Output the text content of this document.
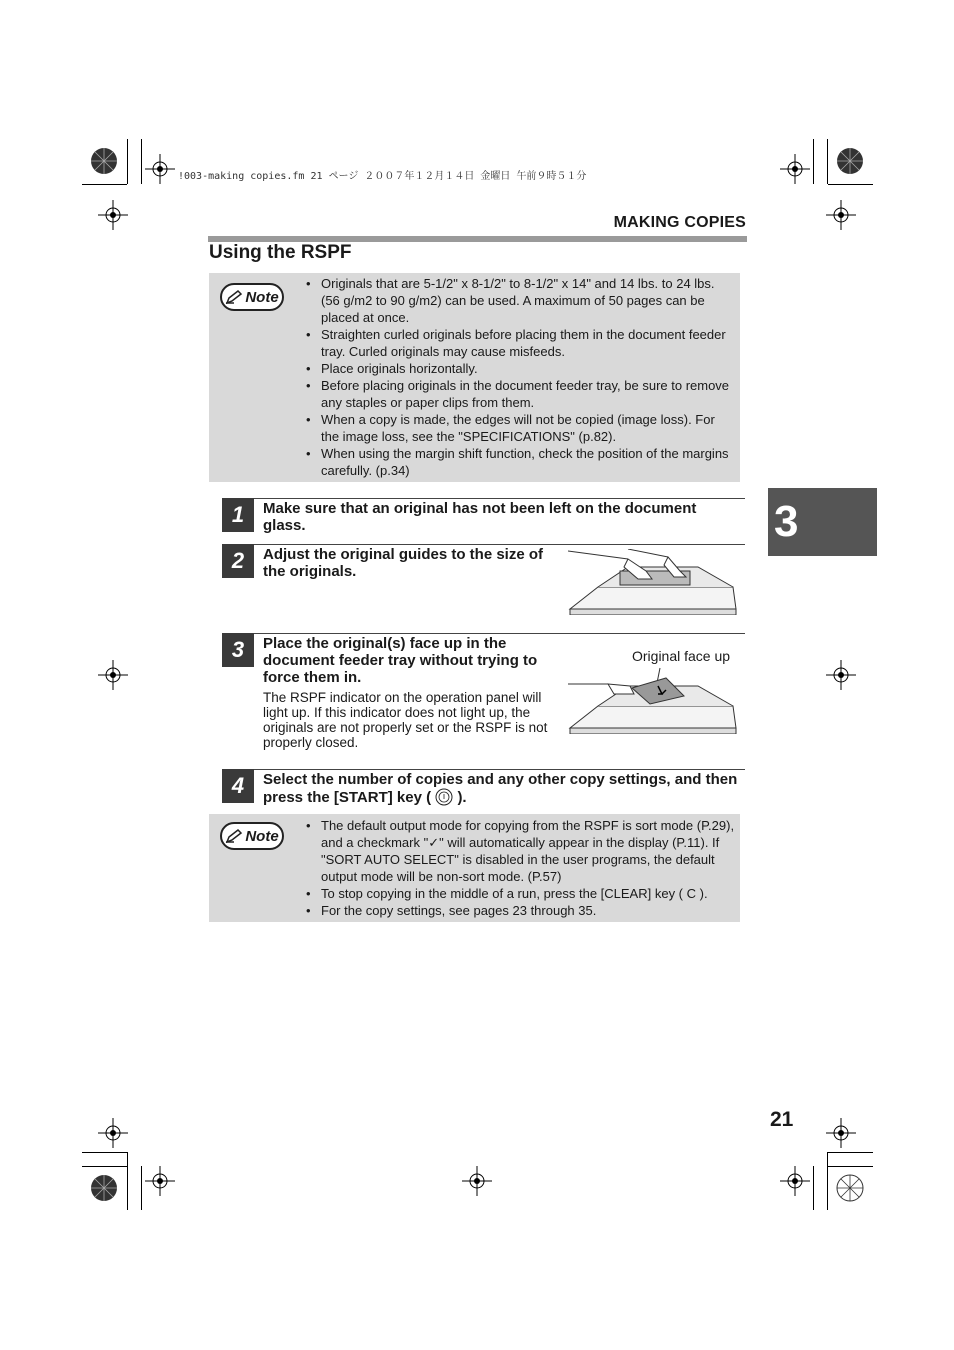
!003-making copies.fm 21 ページ ２００７年１２月１４日 金曜日 午前９時５１分
MAKING COPIES
Using the RSPF
Note
• Originals that are 5-1/2" x 8-1/2" to 8-1/2" x 14" and 14 lbs. to 24 lbs. (56 g/m2 to 90 g/m2) can be used. A maximum of 50 pages can be placed at once.
• Straighten curled originals before placing them in the document feeder tray. Curled originals may cause misfeeds.
• Place originals horizontally.
• Before placing originals in the document feeder tray, be sure to remove any staples or paper clips from them.
• When a copy is made, the edges will not be copied (image loss). For the image loss, see the "SPECIFICATIONS" (p.82).
• When using the margin shift function, check the position of the margins carefully. (p.34)
1	Make sure that an original has not been left on the document glass.
2	Adjust the original guides to the size of the originals.
3	Place the original(s) face up in the document feeder tray without trying to force them in.
The RSPF indicator on the operation panel will light up. If this indicator does not light up, the originals are not properly set or the RSPF is not properly closed.
Original face up
4	Select the number of copies and any other copy settings, and then press the [START] key ( ).
Note
• The default output mode for copying from the RSPF is sort mode (P.29), and a checkmark "✓" will automatically appear in the display (P.11). If "SORT AUTO SELECT" is disabled in the user programs, the default output mode will be non-sort mode. (P.57)
• To stop copying in the middle of a run, press the [CLEAR] key ( C ).
• For the copy settings, see pages 23 through 35.
3
21
